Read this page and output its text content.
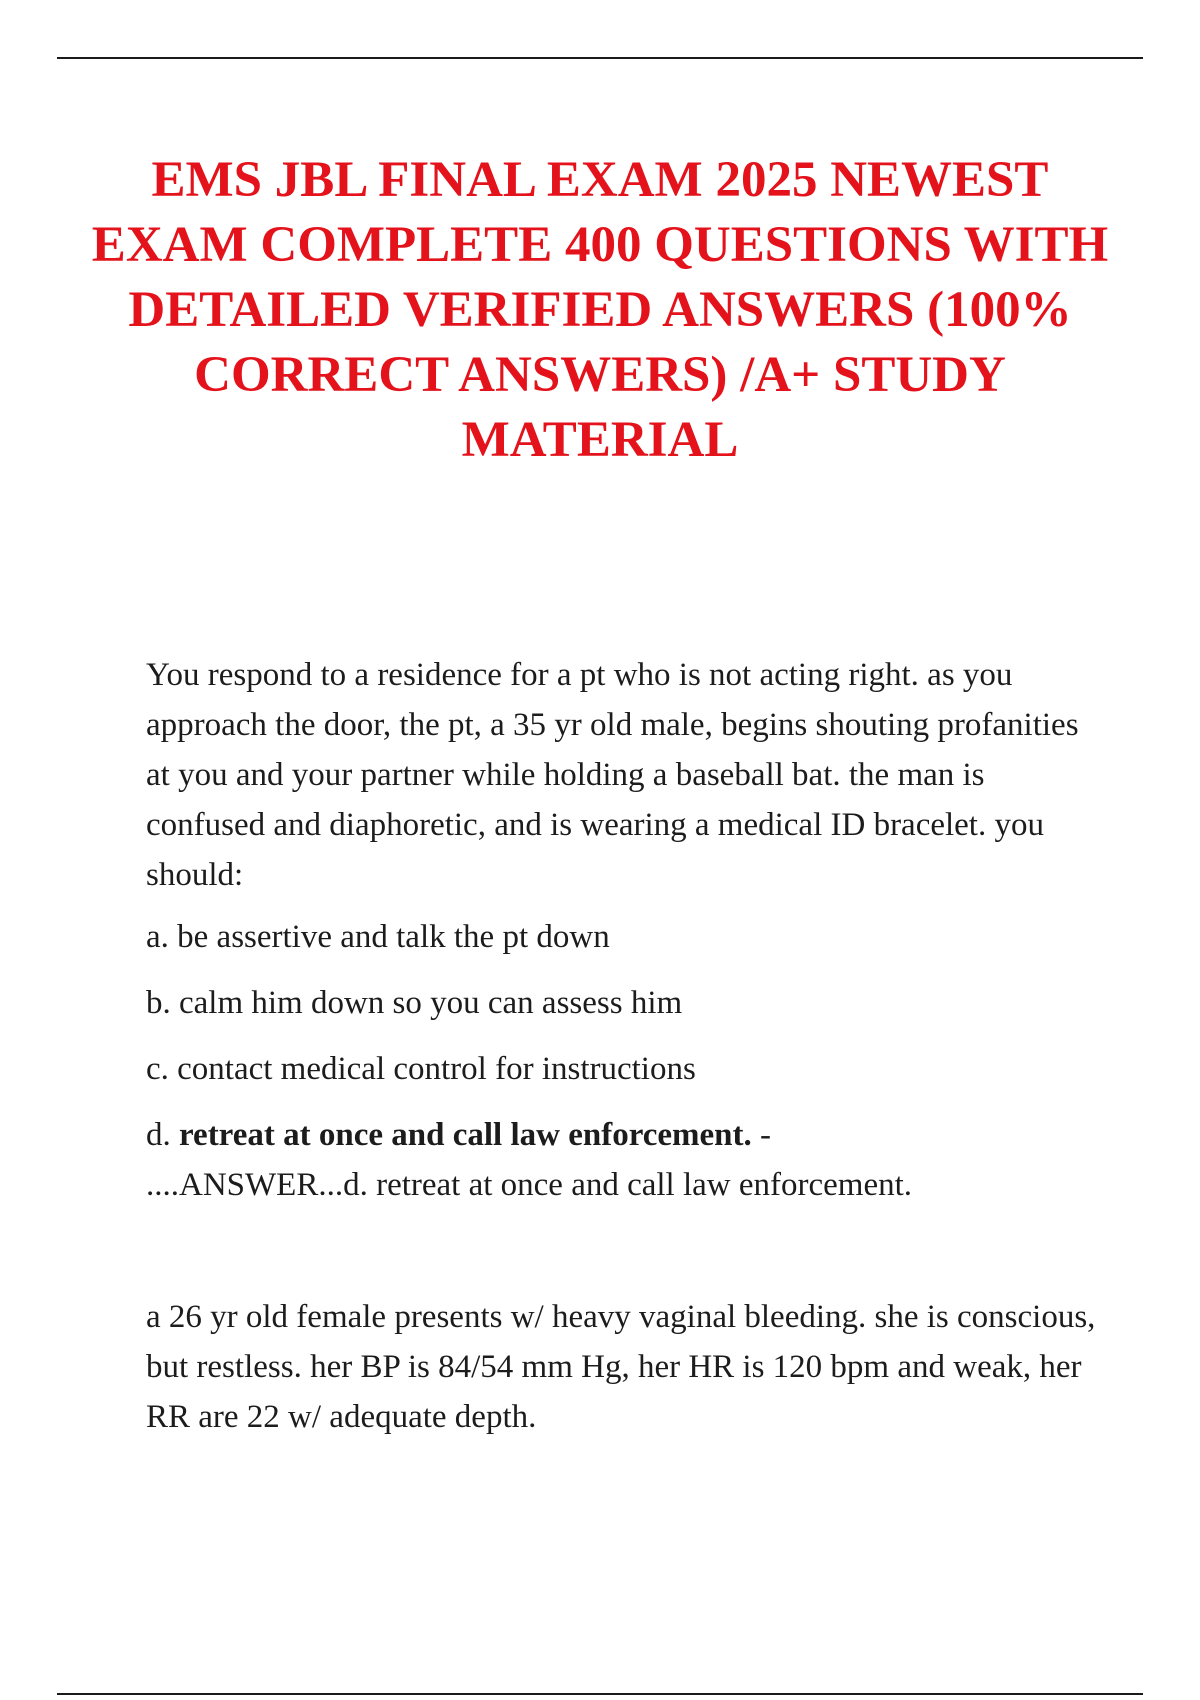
EMS JBL FINAL EXAM 2025 NEWEST EXAM COMPLETE 400 QUESTIONS WITH DETAILED VERIFIED ANSWERS (100% CORRECT ANSWERS) /A+ STUDY MATERIAL

You respond to a residence for a pt who is not acting right. as you approach the door, the pt, a 35 yr old male, begins shouting profanities at you and your partner while holding a baseball bat. the man is confused and diaphoretic, and is wearing a medical ID bracelet. you should:

a. be assertive and talk the pt down

b. calm him down so you can assess him

c. contact medical control for instructions

d. retreat at once and call law enforcement. -
....ANSWER...d. retreat at once and call law enforcement.

a 26 yr old female presents w/ heavy vaginal bleeding. she is conscious, but restless. her BP is 84/54 mm Hg, her HR is 120 bpm and weak, her RR are 22 w/ adequate depth.
